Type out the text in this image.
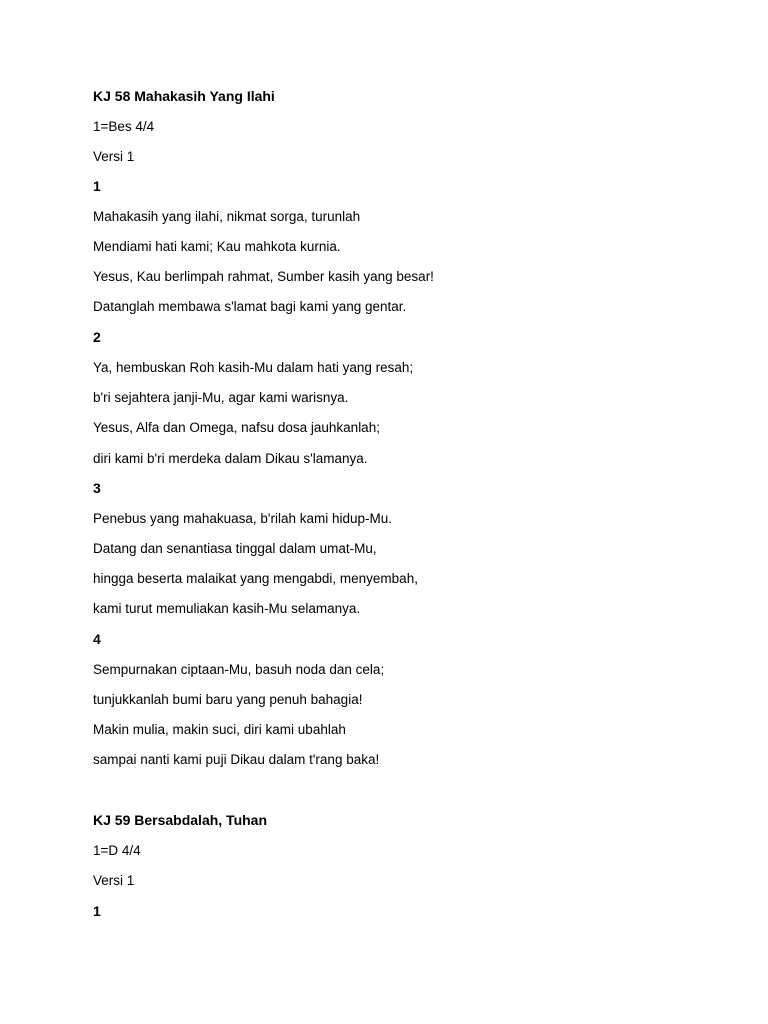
KJ 58 Mahakasih Yang Ilahi
1=Bes 4/4
Versi 1
1
Mahakasih yang ilahi, nikmat sorga, turunlah
Mendiami hati kami; Kau mahkota kurnia.
Yesus, Kau berlimpah rahmat, Sumber kasih yang besar!
Datanglah membawa s'lamat bagi kami yang gentar.
2
Ya, hembuskan Roh kasih-Mu dalam hati yang resah;
b'ri sejahtera janji-Mu, agar kami warisnya.
Yesus, Alfa dan Omega, nafsu dosa jauhkanlah;
diri kami b'ri merdeka dalam Dikau s'lamanya.
3
Penebus yang mahakuasa, b'rilah kami hidup-Mu.
Datang dan senantiasa tinggal dalam umat-Mu,
hingga beserta malaikat yang mengabdi, menyembah,
kami turut memuliakan kasih-Mu selamanya.
4
Sempurnakan ciptaan-Mu, basuh noda dan cela;
tunjukkanlah bumi baru yang penuh bahagia!
Makin mulia, makin suci, diri kami ubahlah
sampai nanti kami puji Dikau dalam t'rang baka!
KJ 59 Bersabdalah, Tuhan
1=D 4/4
Versi 1
1
